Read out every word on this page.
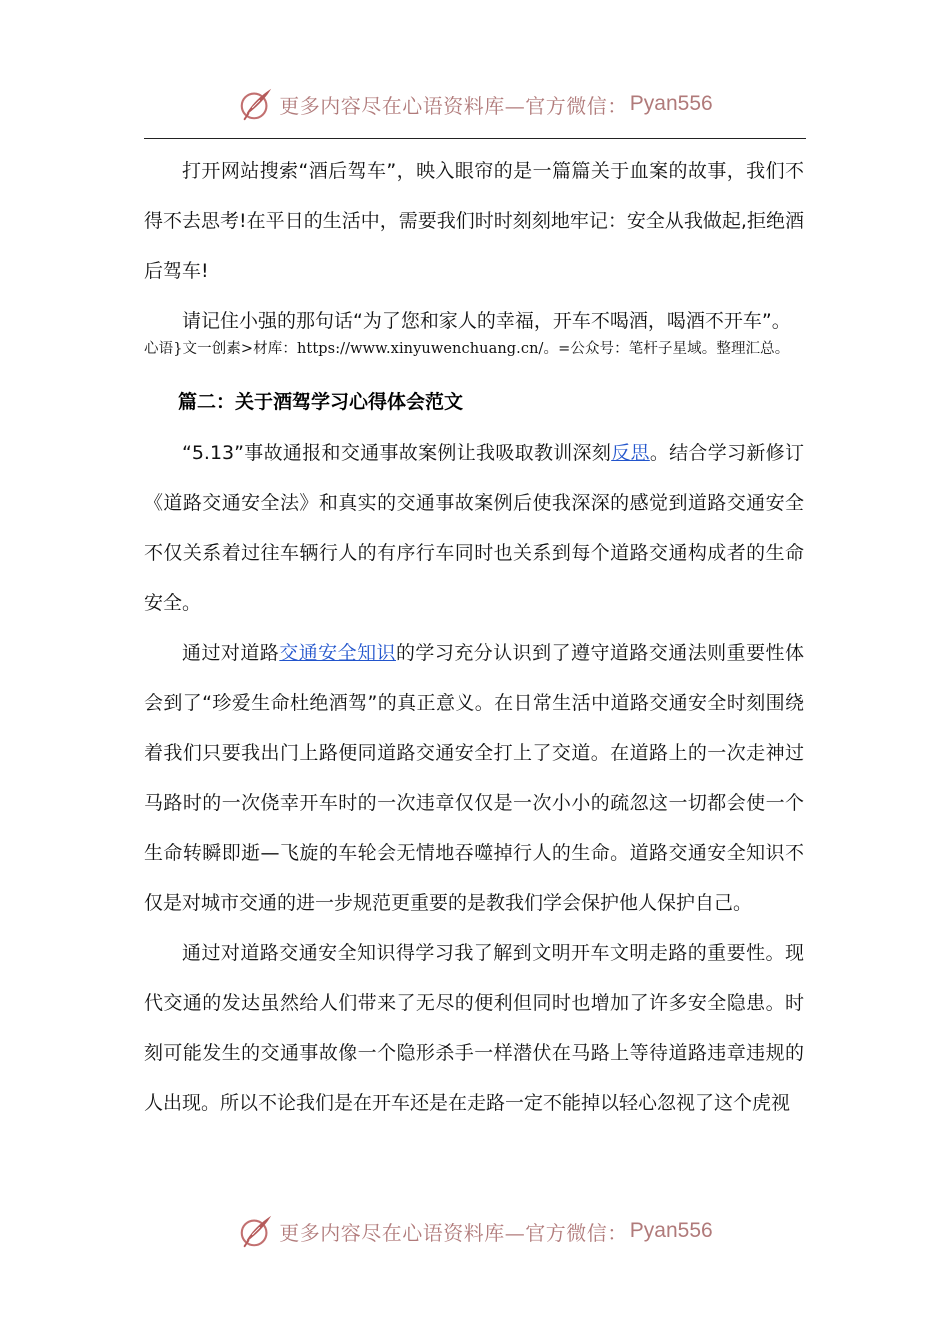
更多内容尽在心语资料库—官方微信： Pyan556

打开网站搜索“酒后驾车”，映入眼帘的是一篇篇关于血案的故事，我们不得不去思考!在平日的生活中，需要我们时时刻刻地牢记：安全从我做起,拒绝酒后驾车!

请记住小强的那句话“为了您和家人的幸福，开车不喝酒，喝酒不开车”。

心语}文一创素>材库：https://www.xinyuwenchuang.cn/。=公众号：笔杆子星域。整理汇总。

篇二：关于酒驾学习心得体会范文

“5.13”事故通报和交通事故案例让我吸取教训深刻反思。结合学习新修订《道路交通安全法》和真实的交通事故案例后使我深深的感觉到道路交通安全不仅关系着过往车辆行人的有序行车同时也关系到每个道路交通构成者的生命安全。

通过对道路交通安全知识的学习充分认识到了遵守道路交通法则重要性体会到了“珍爱生命杜绝酒驾”的真正意义。在日常生活中道路交通安全时刻围绕着我们只要我出门上路便同道路交通安全打上了交道。在道路上的一次走神过马路时的一次侥幸开车时的一次违章仅仅是一次小小的疏忽这一切都会使一个生命转瞬即逝—飞旋的车轮会无情地吞噬掉行人的生命。道路交通安全知识不仅是对城市交通的进一步规范更重要的是教我们学会保护他人保护自己。

通过对道路交通安全知识得学习我了解到文明开车文明走路的重要性。现代交通的发达虽然给人们带来了无尽的便利但同时也增加了许多安全隐患。时刻可能发生的交通事故像一个隐形杀手一样潜伏在马路上等待道路违章违规的人出现。所以不论我们是在开车还是在走路一定不能掉以轻心忽视了这个虎视

更多内容尽在心语资料库—官方微信： Pyan556
